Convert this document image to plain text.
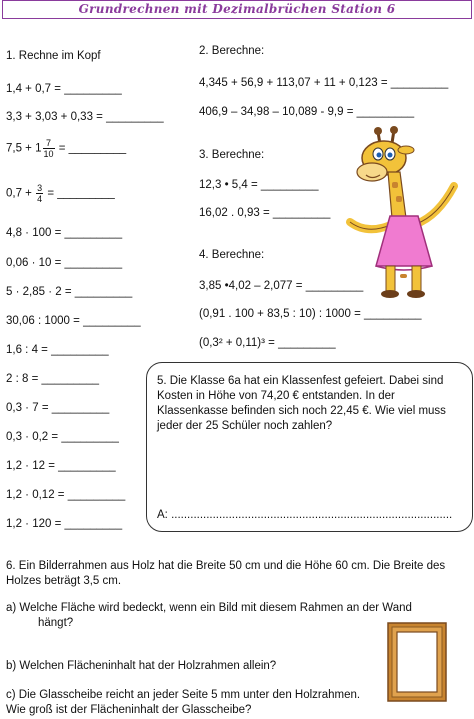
Grundrechnen mit Dezimalbrüchen Station 6
1. Rechne im Kopf
1,4 + 0,7 = _________
3,3 + 3,03 + 0,33 = _________
$7,5 + 1 \frac{7}{10}$ = _________
$0,7 + \frac{3}{4}$ = _________
4,8 · 100 = _________
0,06 · 10 = _________
5 · 2,85 · 2 = _________
30,06 : 1000 = _________
1,6 : 4 = _________
2 : 8 = _________
0,3 · 7 = _________
0,3 · 0,2 = _________
1,2 · 12 = _________
1,2 · 0,12 = _________
1,2 · 120 = _________
2. Berechne:
4,345 + 56,9 + 113,07 + 11 + 0,123 = _________
406,9 – 34,98 – 10,089 - 9,9 = _________
3. Berechne:
12,3 • 5,4 = _________
16,02 . 0,93 = _________
4. Berechne:
3,85 •4,02 – 2,077 = _________
(0,91 . 100 + 83,5 : 10) : 1000 = _________
(0,3² + 0,11)³ = _________
5. Die Klasse 6a hat ein Klassenfest gefeiert. Dabei sind Kosten in Höhe von 74,20 € entstanden. In der Klassenkasse befinden sich noch 22,45 €. Wie viel muss jeder der 25 Schüler noch zahlen?
A: ........................................................................................
6. Ein Bilderrahmen aus Holz hat die Breite 50 cm und die Höhe 60 cm. Die Breite des Holzes beträgt 3,5 cm.
a) Welche Fläche wird bedeckt, wenn ein Bild mit diesem Rahmen an der Wand
hängt?
b) Welchen Flächeninhalt hat der Holzrahmen allein?
c) Die Glasscheibe reicht an jeder Seite 5 mm unter den Holzrahmen.
Wie groß ist der Flächeninhalt der Glasscheibe?
